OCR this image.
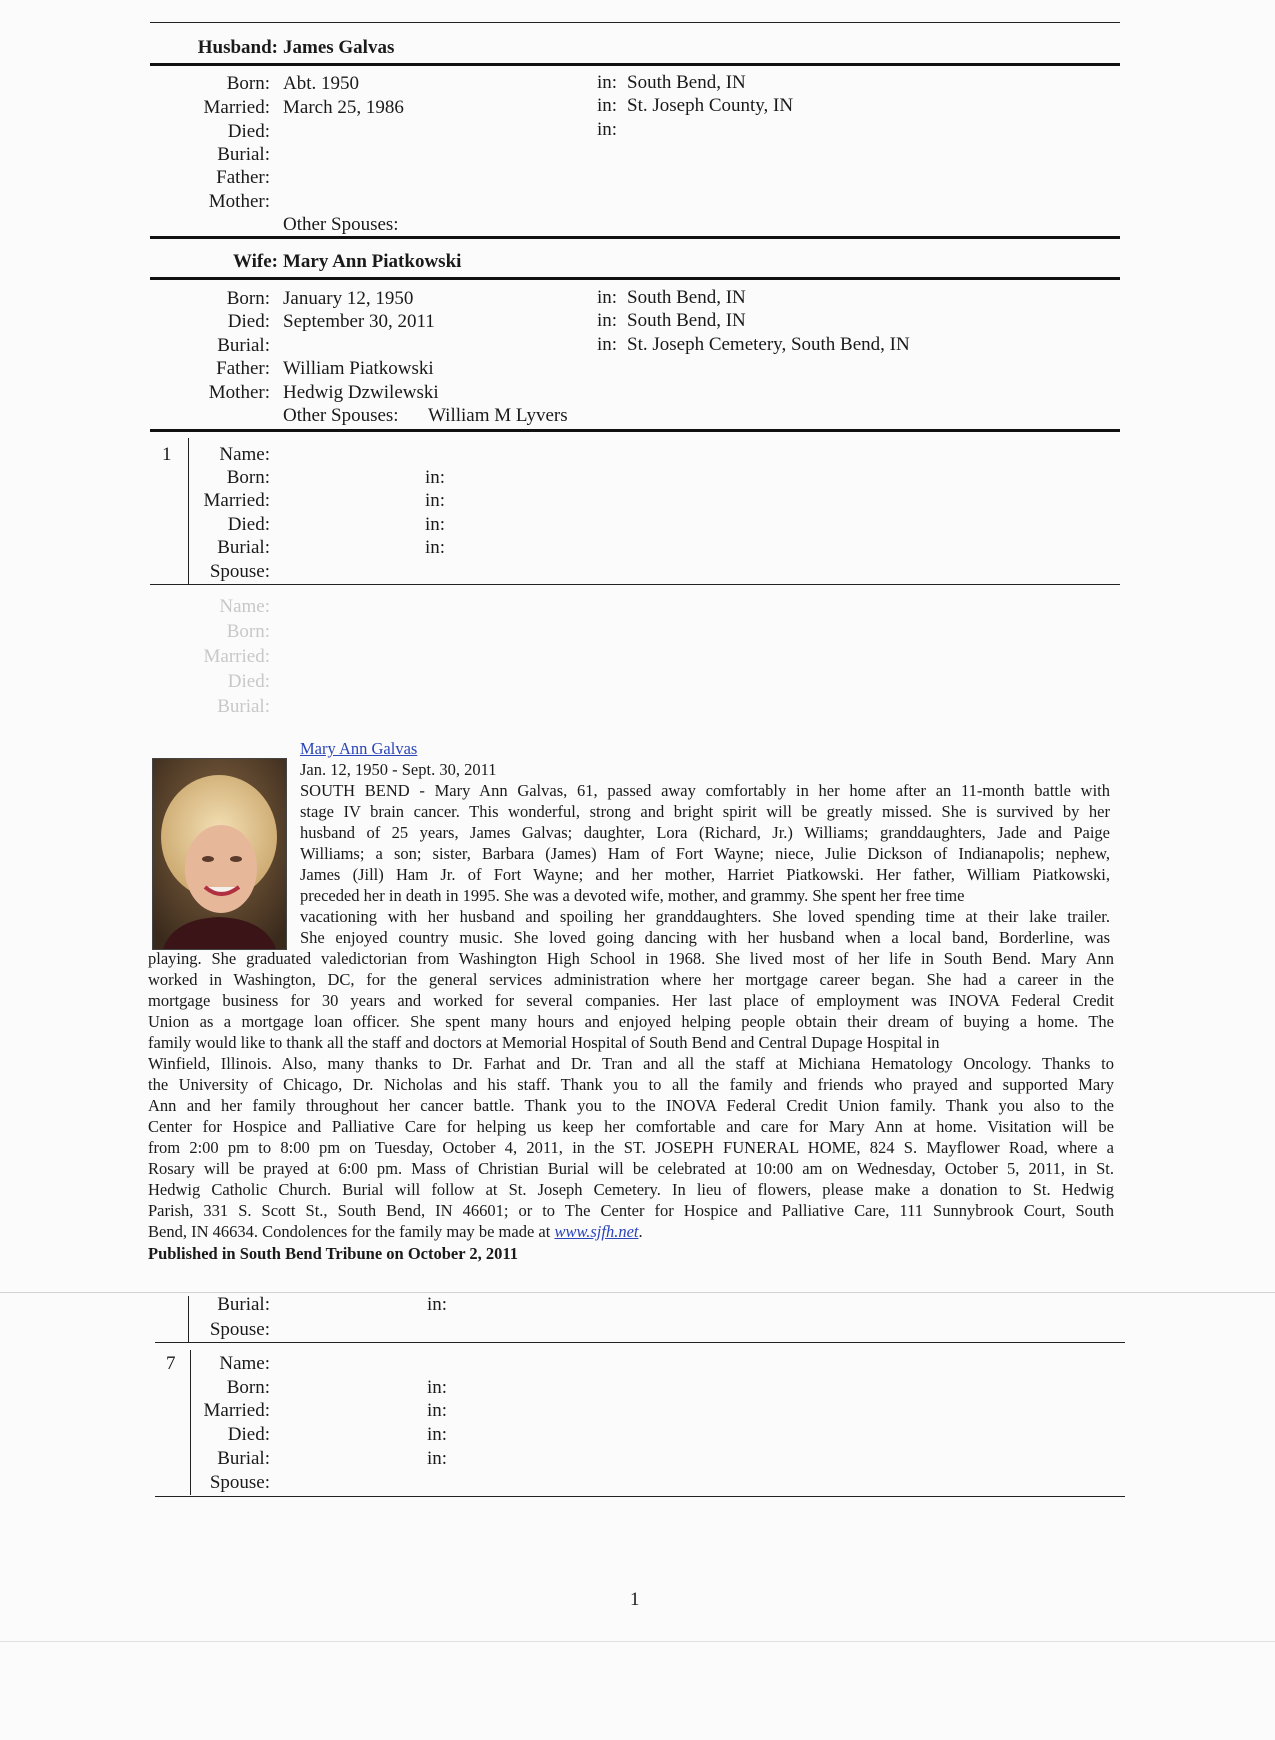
Husband: James Galvas
Born: Abt. 1950	in: South Bend, IN
Married: March 25, 1986	in: St. Joseph County, IN
Died:	in:
Burial:
Father:
Mother:
Other Spouses:
Wife: Mary Ann Piatkowski
Born: January 12, 1950	in: South Bend, IN
Died: September 30, 2011	in: South Bend, IN
Burial:	in: St. Joseph Cemetery, South Bend, IN
Father: William Piatkowski
Mother: Hedwig Dzwilewski
Other Spouses: William M Lyvers
1	Name:
Born:	in:
Married:	in:
Died:	in:
Burial:	in:
Spouse:
Name:
Born:
Married:
Died:
Burial:
Mary Ann Galvas
Jan. 12, 1950 - Sept. 30, 2011
SOUTH BEND - Mary Ann Galvas, 61, passed away comfortably in her home after an 11-month battle with
stage IV brain cancer. This wonderful, strong and bright spirit will be greatly missed. She is survived by her
husband of 25 years, James Galvas; daughter, Lora (Richard, Jr.) Williams; granddaughters, Jade and Paige
Williams; a son; sister, Barbara (James) Ham of Fort Wayne; niece, Julie Dickson of Indianapolis; nephew,
James (Jill) Ham Jr. of Fort Wayne; and her mother, Harriet Piatkowski. Her father, William Piatkowski,
preceded her in death in 1995. She was a devoted wife, mother, and grammy. She spent her free time
vacationing with her husband and spoiling her granddaughters. She loved spending time at their lake trailer.
She enjoyed country music. She loved going dancing with her husband when a local band, Borderline, was
playing. She graduated valedictorian from Washington High School in 1968. She lived most of her life in South Bend. Mary Ann
worked in Washington, DC, for the general services administration where her mortgage career began. She had a career in the
mortgage business for 30 years and worked for several companies. Her last place of employment was INOVA Federal Credit
Union as a mortgage loan officer. She spent many hours and enjoyed helping people obtain their dream of buying a home. The
family would like to thank all the staff and doctors at Memorial Hospital of South Bend and Central Dupage Hospital in
Winfield, Illinois. Also, many thanks to Dr. Farhat and Dr. Tran and all the staff at Michiana Hematology Oncology. Thanks to
the University of Chicago, Dr. Nicholas and his staff. Thank you to all the family and friends who prayed and supported Mary
Ann and her family throughout her cancer battle. Thank you to the INOVA Federal Credit Union family. Thank you also to the
Center for Hospice and Palliative Care for helping us keep her comfortable and care for Mary Ann at home. Visitation will be
from 2:00 pm to 8:00 pm on Tuesday, October 4, 2011, in the ST. JOSEPH FUNERAL HOME, 824 S. Mayflower Road, where a
Rosary will be prayed at 6:00 pm. Mass of Christian Burial will be celebrated at 10:00 am on Wednesday, October 5, 2011, in St.
Hedwig Catholic Church. Burial will follow at St. Joseph Cemetery. In lieu of flowers, please make a donation to St. Hedwig
Parish, 331 S. Scott St., South Bend, IN 46601; or to The Center for Hospice and Palliative Care, 111 Sunnybrook Court, South
Bend, IN 46634. Condolences for the family may be made at www.sjfh.net.
Published in South Bend Tribune on October 2, 2011
Burial:	in:
Spouse:
7	Name:
Born:	in:
Married:	in:
Died:	in:
Burial:	in:
Spouse:
1
